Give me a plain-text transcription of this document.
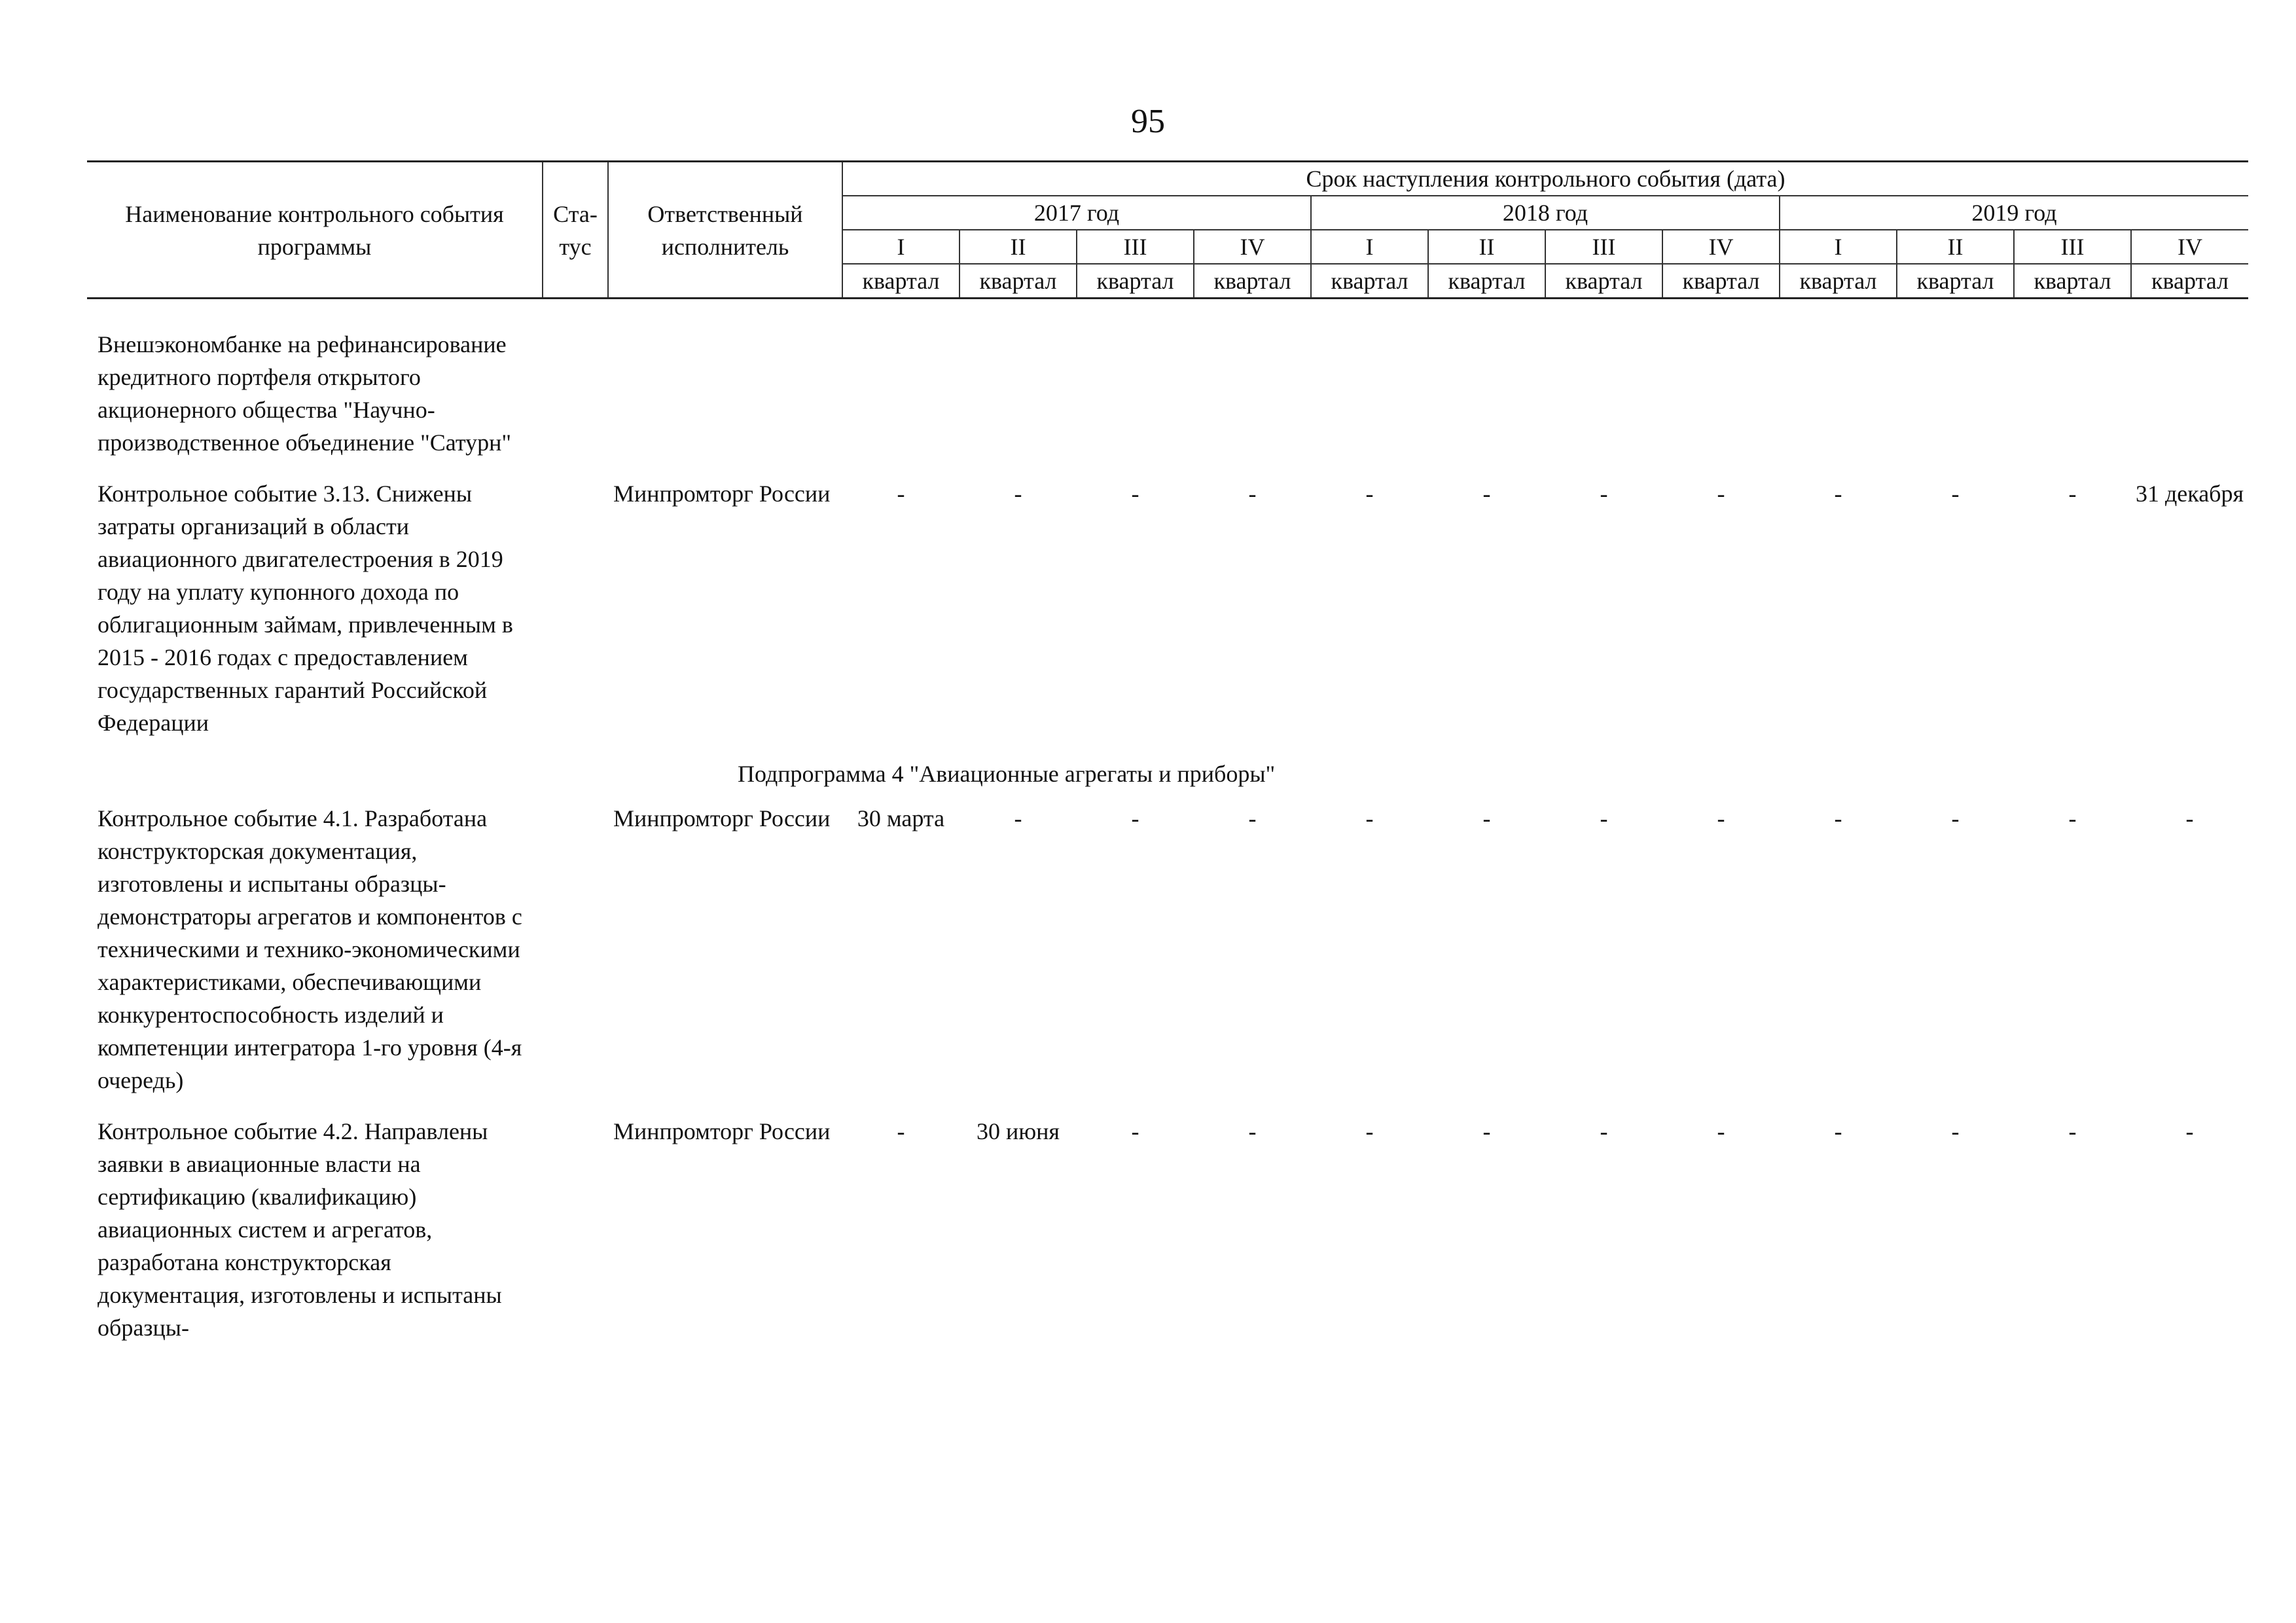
95
Наименование контрольного события программы	Ста-тус	Ответственный исполнитель	Срок наступления контрольного события (дата)
2017 год	2018 год	2019 год
I	II	III	IV	I	II	III	IV	I	II	III	IV
квартал	квартал	квартал	квартал	квартал	квартал	квартал	квартал	квартал	квартал	квартал	квартал

Внешэкономбанке на рефинансирование кредитного портфеля открытого акционерного общества "Научно-производственное объединение "Сатурн"														
Контрольное событие 3.13. Снижены затраты организаций в области авиационного двигателестроения в 2019 году на уплату купонного дохода по облигационным займам, привлеченным в 2015 - 2016 годах с предоставлением государственных гарантий Российской Федерации		Минпромторг России	-	-	-	-	-	-	-	-	-	-	-	31 декабря
	Подпрограмма 4 "Авиационные агрегаты и приборы"
Контрольное событие 4.1. Разработана конструкторская документация, изготовлены и испытаны образцы-демонстраторы агрегатов и компонентов с техническими и технико-экономическими характеристиками, обеспечивающими конкурентоспособность изделий и компетенции интегратора 1-го уровня (4-я очередь)		Минпромторг России	30 марта	-	-	-	-	-	-	-	-	-	-	-
Контрольное событие 4.2. Направлены заявки в авиационные власти на сертификацию (квалификацию) авиационных систем и агрегатов, разработана конструкторская документация, изготовлены и испытаны образцы-		Минпромторг России	-	30 июня	-	-	-	-	-	-	-	-	-	-
